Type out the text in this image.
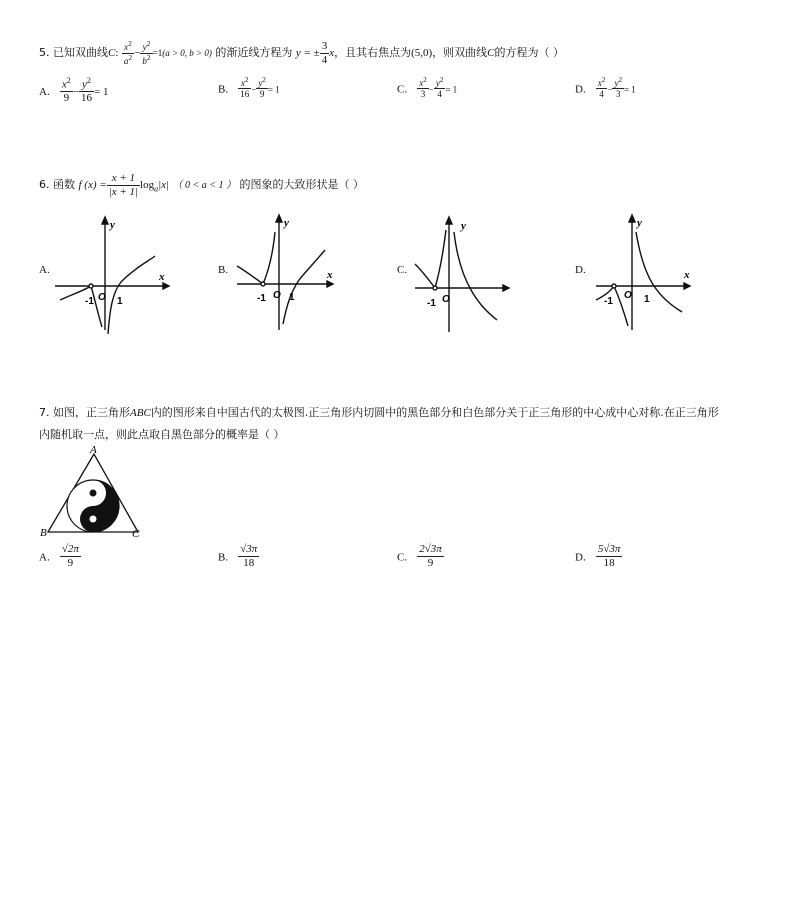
5. 已知双曲线C: $\frac{x^2}{a^2} - \frac{y^2}{b^2} =1(a > 0$, b > 0) 的渐近线方程为 y = ± $\frac{3}{4}$ x，且其右焦点为(5,0)，则双曲线C的方程为（ ）
A. $\frac{x^2}{9} - \frac{y^2}{16} = 1$	B. $\frac{x^2}{16} - \frac{y^2}{9} = 1$	C. $\frac{x^2}{3} - \frac{y^2}{4} = 1$	D. $\frac{x^2}{4} - \frac{y^2}{3} = 1$
6. 函数 f $(x) = \frac{x + 1}{|x + 1|} \log_a|x|$ （ 0 < a < 1 ） 的图象的大致形状是（ ）
A.	B.	C.	D.
x
y
-1 1
O
x
y
-1 1
O
y
-1 O
x
y
-1	1
O
7. 如图，正三角形ABC内的图形来自中国古代的太极图.正三角形内切圆中的黑色部分和白色部分关于正三角形的中心成中心对称.在正三角形
内随机取一点，则此点取自黑色部分的概率是（ ）
A
B	C
A. $\frac{√2\pi}{9}$	B. $\frac{√3\pi}{18}$	C. $\frac{2√3\pi}{9}$	D. $\frac{5√3\pi}{18}$
